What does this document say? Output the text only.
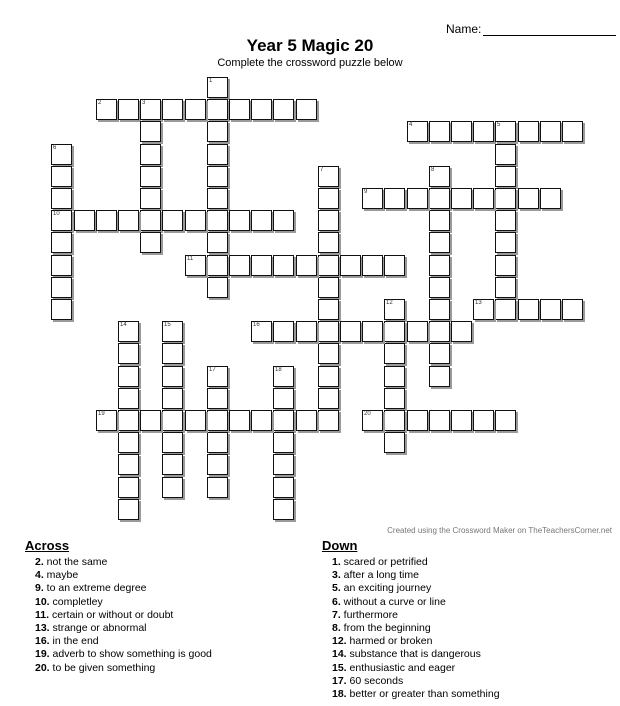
Name:
Year 5 Magic 20
Complete the crossword puzzle below
1
2	3
4	5
6
10
7	8
9
11
12	13
14	15	16
17	18
19	20
Created using the Crossword Maker on TheTeachersCorner.net
Across
2. not the same
4. maybe
9. to an extreme degree
10. completley
11. certain or without or doubt
13. strange or abnormal
16. in the end
19. adverb to show something is good
20. to be given something
Down
1. scared or petrified
3. after a long time
5. an exciting journey
6. without a curve or line
7. furthermore
8. from the beginning
12. harmed or broken
14. substance that is dangerous
15. enthusiastic and eager
17. 60 seconds
18. better or greater than something
